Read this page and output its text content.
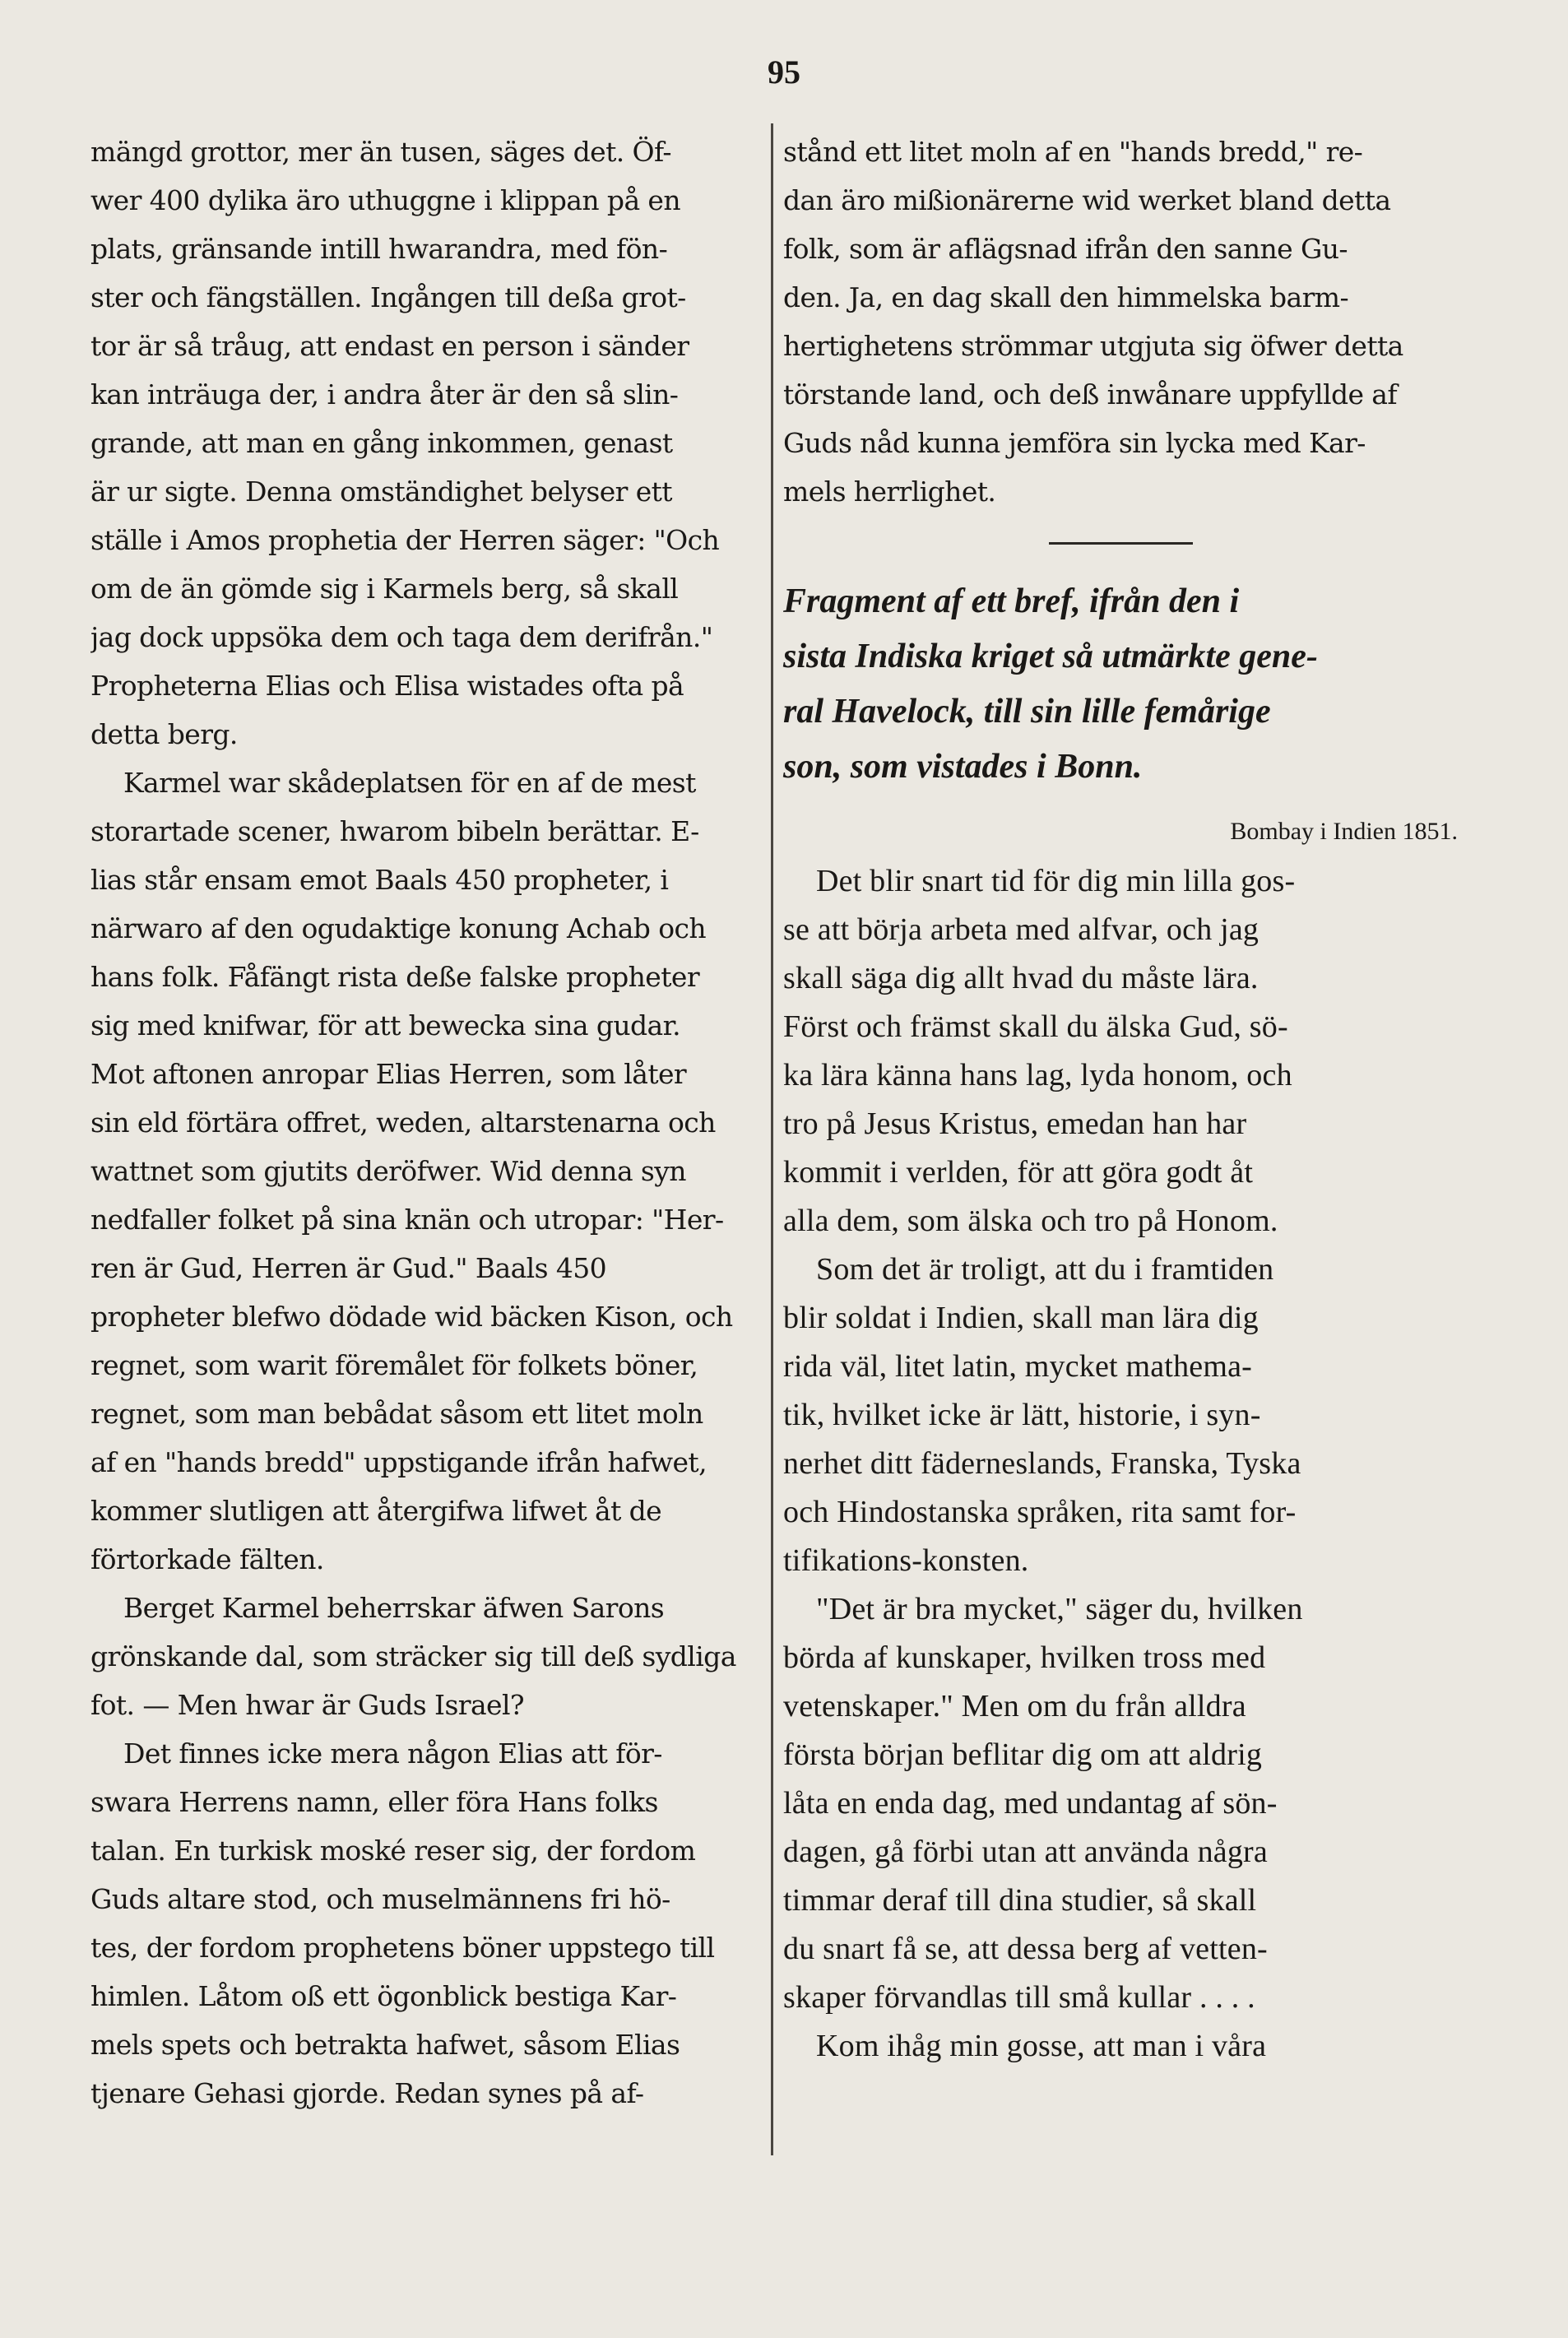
95
mängd grottor, mer än tusen, säges det. Öf-
wer 400 dylika äro uthuggne i klippan på en
plats, gränsande intill hwarandra, med fön-
ster och fängställen. Ingången till deßa grot-
tor är så tråug, att endast en person i sänder
kan inträuga der, i andra åter är den så slin-
grande, att man en gång inkommen, genast
är ur sigte. Denna omständighet belyser ett
ställe i Amos prophetia der Herren säger: "Och
om de än gömde sig i Karmels berg, så skall
jag dock uppsöka dem och taga dem derifrån."
Propheterna Elias och Elisa wistades ofta på
detta berg.
Karmel war skådeplatsen för en af de mest
storartade scener, hwarom bibeln berättar. E-
lias står ensam emot Baals 450 propheter, i
närwaro af den ogudaktige konung Achab och
hans folk. Fåfängt rista deße falske propheter
sig med knifwar, för att bewecka sina gudar.
Mot aftonen anropar Elias Herren, som låter
sin eld förtära offret, weden, altarstenarna och
wattnet som gjutits deröfwer. Wid denna syn
nedfaller folket på sina knän och utropar: "Her-
ren är Gud, Herren är Gud." Baals 450
propheter blefwo dödade wid bäcken Kison, och
regnet, som warit föremålet för folkets böner,
regnet, som man bebådat såsom ett litet moln
af en "hands bredd" uppstigande ifrån hafwet,
kommer slutligen att återgifwa lifwet åt de
förtorkade fälten.
Berget Karmel beherrskar äfwen Sarons
grönskande dal, som sträcker sig till deß sydliga
fot. — Men hwar är Guds Israel?
Det finnes icke mera någon Elias att för-
swara Herrens namn, eller föra Hans folks
talan. En turkisk moské reser sig, der fordom
Guds altare stod, och muselmännens fri hö-
tes, der fordom prophetens böner uppstego till
himlen. Låtom oß ett ögonblick bestiga Kar-
mels spets och betrakta hafwet, såsom Elias
tjenare Gehasi gjorde. Redan synes på af-
stånd ett litet moln af en "hands bredd," re-
dan äro mißionärerne wid werket bland detta
folk, som är aflägsnad ifrån den sanne Gu-
den. Ja, en dag skall den himmelska barm-
hertighetens strömmar utgjuta sig öfwer detta
törstande land, och deß inwånare uppfyllde af
Guds nåd kunna jemföra sin lycka med Kar-
mels herrlighet.
Fragment af ett bref, ifrån den i
sista Indiska kriget så utmärkte gene-
ral Havelock, till sin lille femårige
son, som vistades i Bonn.
Bombay i Indien 1851.
Det blir snart tid för dig min lilla gos-
se att börja arbeta med alfvar, och jag
skall säga dig allt hvad du måste lära.
Först och främst skall du älska Gud, sö-
ka lära känna hans lag, lyda honom, och
tro på Jesus Kristus, emedan han har
kommit i verlden, för att göra godt åt
alla dem, som älska och tro på Honom.
Som det är troligt, att du i framtiden
blir soldat i Indien, skall man lära dig
rida väl, litet latin, mycket mathema-
tik, hvilket icke är lätt, historie, i syn-
nerhet ditt fäderneslands, Franska, Tyska
och Hindostanska språken, rita samt for-
tifikations-konsten.
"Det är bra mycket," säger du, hvilken
börda af kunskaper, hvilken tross med
vetenskaper." Men om du från alldra
första början beflitar dig om att aldrig
låta en enda dag, med undantag af sön-
dagen, gå förbi utan att använda några
timmar deraf till dina studier, så skall
du snart få se, att dessa berg af vetten-
skaper förvandlas till små kullar . . . .
Kom ihåg min gosse, att man i våra
